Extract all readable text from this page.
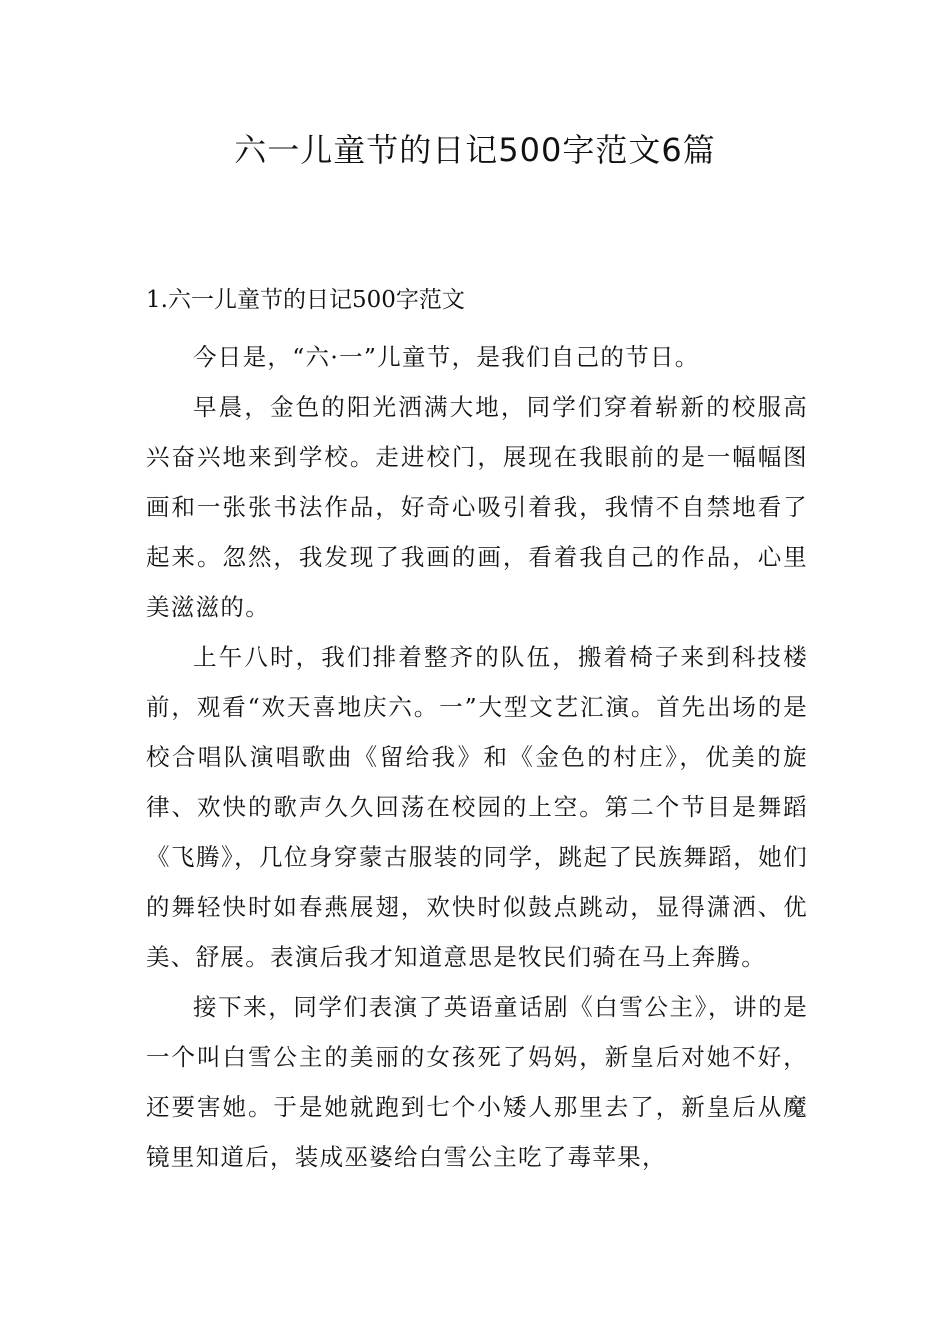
六一儿童节的日记500字范文6篇
1.六一儿童节的日记500字范文

今日是，“六·一”儿童节，是我们自己的节日。

早晨，金色的阳光洒满大地，同学们穿着崭新的校服高兴奋兴地来到学校。走进校门，展现在我眼前的是一幅幅图画和一张张书法作品，好奇心吸引着我，我情不自禁地看了起来。忽然，我发现了我画的画，看着我自己的作品，心里美滋滋的。

上午八时，我们排着整齐的队伍，搬着椅子来到科技楼前，观看“欢天喜地庆六。一”大型文艺汇演。首先出场的是校合唱队演唱歌曲《留给我》和《金色的村庄》，优美的旋律、欢快的歌声久久回荡在校园的上空。第二个节目是舞蹈《飞腾》，几位身穿蒙古服装的同学，跳起了民族舞蹈，她们的舞轻快时如春燕展翅，欢快时似鼓点跳动，显得潇洒、优美、舒展。表演后我才知道意思是牧民们骑在马上奔腾。

接下来，同学们表演了英语童话剧《白雪公主》，讲的是一个叫白雪公主的美丽的女孩死了妈妈，新皇后对她不好，还要害她。于是她就跑到七个小矮人那里去了，新皇后从魔镜里知道后，装成巫婆给白雪公主吃了毒苹果，
